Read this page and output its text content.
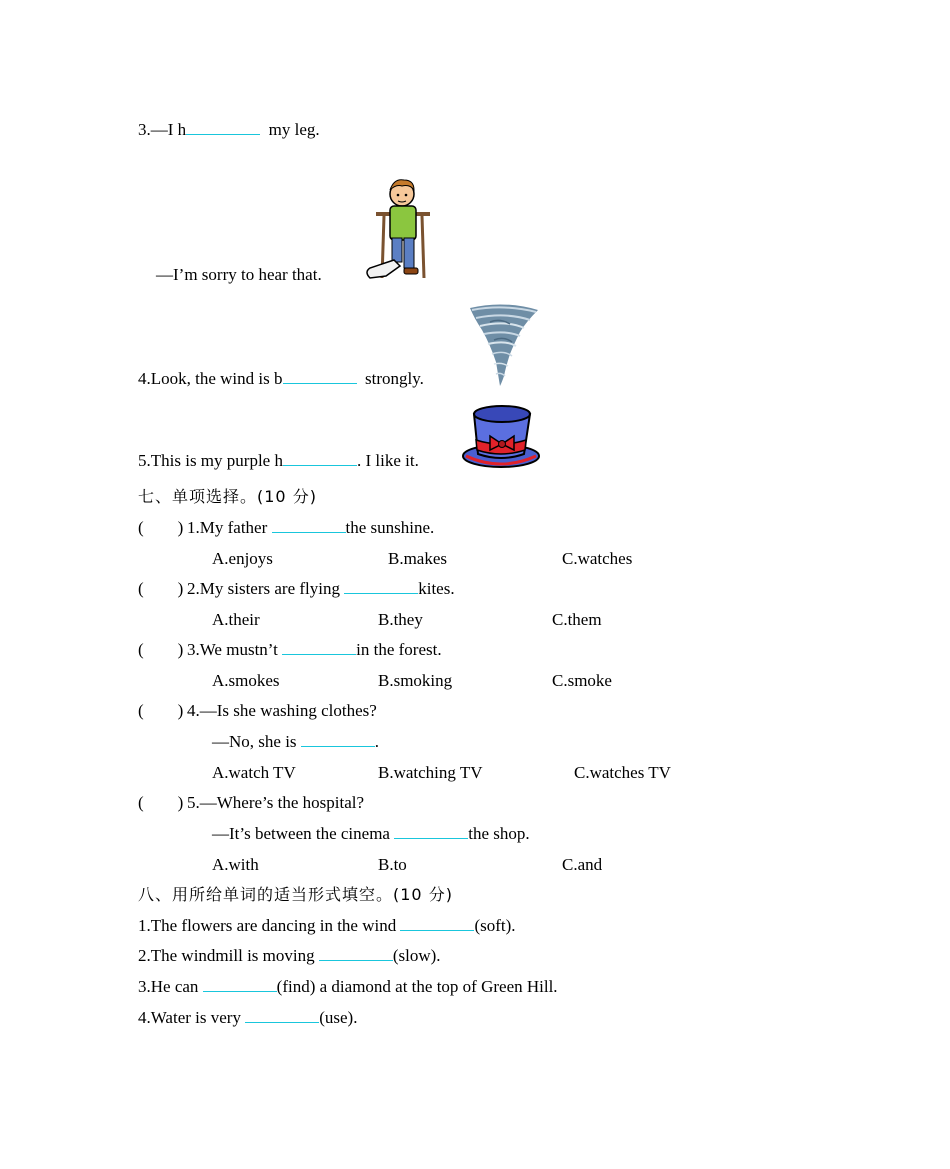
3.—I h	my leg.
—I’m sorry to hear that.
4.Look, the wind is b	strongly.
5.This is my purple h	. I like it.
七、单项选择。(10 分)
(        ) 1.My father	the sunshine.
A.enjoys	B.makes	C.watches
(        ) 2.My sisters are flying	kites.
A.their	B.they	C.them
(        ) 3.We mustn’t	in the forest.
A.smokes	B.smoking	C.smoke
(        ) 4.—Is she washing clothes?
—No, she is	.
A.watch TV	B.watching TV	C.watches TV
(        ) 5.—Where’s the hospital?
—It’s between the cinema	the shop.
A.with	B.to	C.and
八、用所给单词的适当形式填空。(10 分)
1.The flowers are dancing in the wind	(soft).
2.The windmill is moving	(slow).
3.He can	(find) a diamond at the top of Green Hill.
4.Water is very	(use).
